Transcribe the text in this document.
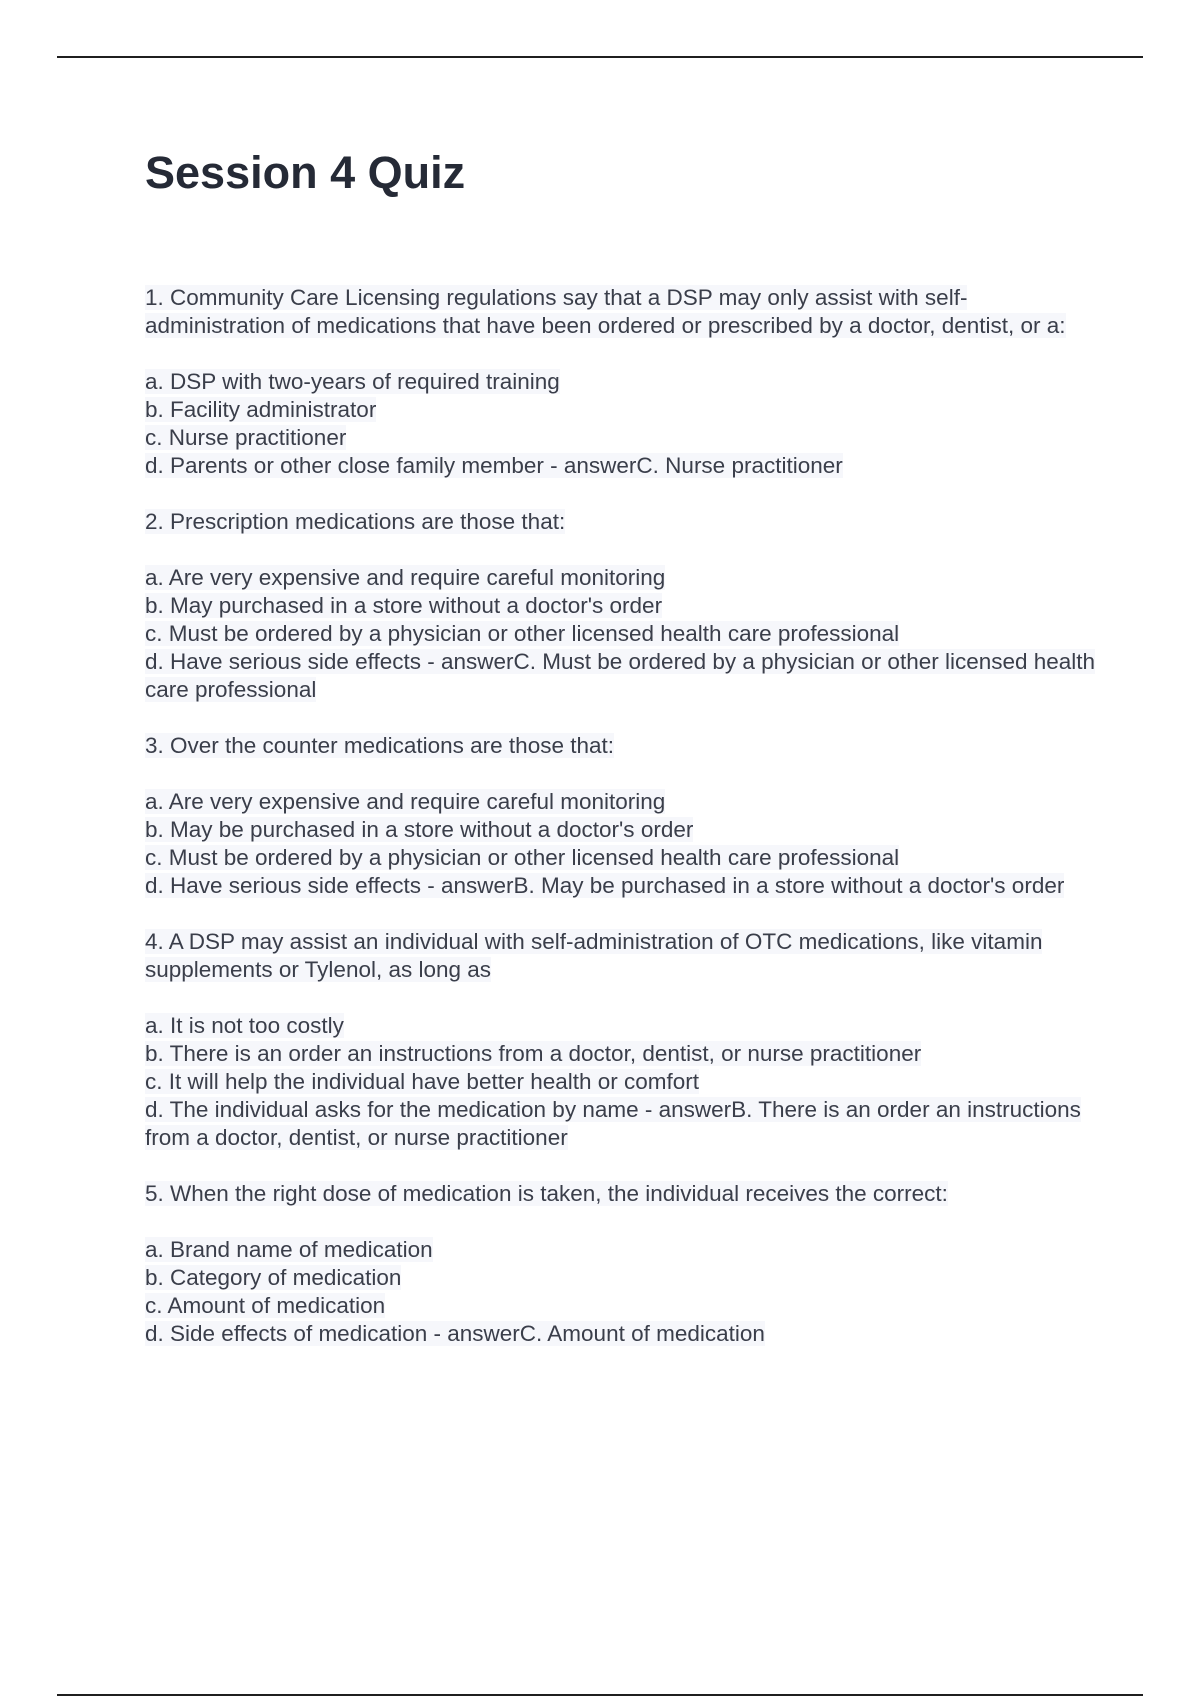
Session 4 Quiz
1. Community Care Licensing regulations say that a DSP may only assist with self-administration of medications that have been ordered or prescribed by a doctor, dentist, or a:
a. DSP with two-years of required training
b. Facility administrator
c. Nurse practitioner
d. Parents or other close family member - answerC. Nurse practitioner
2. Prescription medications are those that:
a. Are very expensive and require careful monitoring
b. May purchased in a store without a doctor's order
c. Must be ordered by a physician or other licensed health care professional
d. Have serious side effects - answerC. Must be ordered by a physician or other licensed health care professional
3. Over the counter medications are those that:
a. Are very expensive and require careful monitoring
b. May be purchased in a store without a doctor's order
c. Must be ordered by a physician or other licensed health care professional
d. Have serious side effects - answerB. May be purchased in a store without a doctor's order
4. A DSP may assist an individual with self-administration of OTC medications, like vitamin supplements or Tylenol, as long as
a. It is not too costly
b. There is an order an instructions from a doctor, dentist, or nurse practitioner
c. It will help the individual have better health or comfort
d. The individual asks for the medication by name - answerB. There is an order an instructions from a doctor, dentist, or nurse practitioner
5. When the right dose of medication is taken, the individual receives the correct:
a. Brand name of medication
b. Category of medication
c. Amount of medication
d. Side effects of medication - answerC. Amount of medication
